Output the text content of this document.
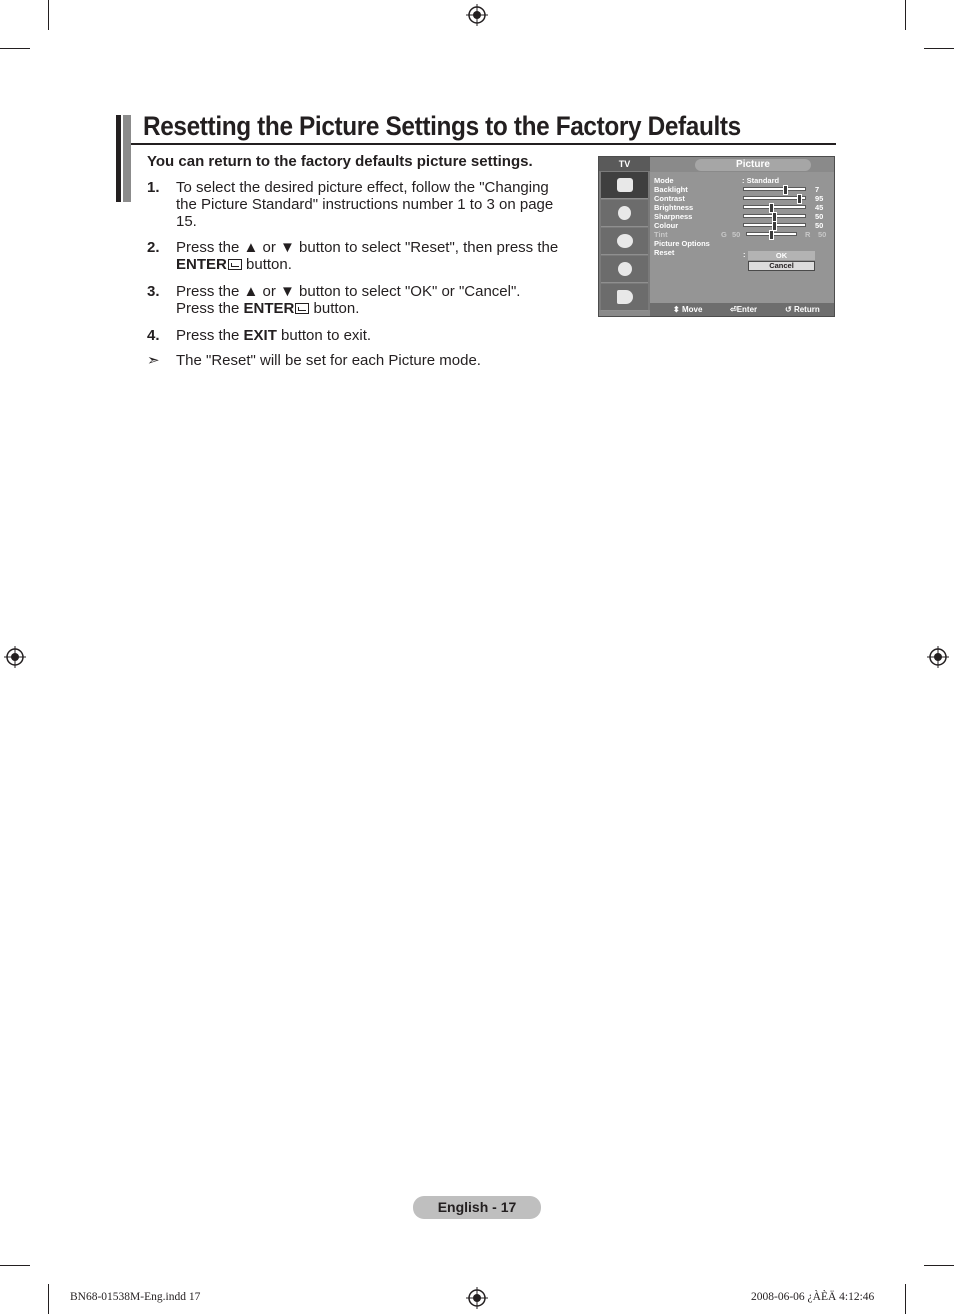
Resetting the Picture Settings to the Factory Defaults
You can return to the factory defaults picture settings.
1. To select the desired picture effect, follow the "Changing the Picture Standard" instructions number 1 to 3 on page 15.
2. Press the ▲ or ▼ button to select "Reset", then press the ENTER button.
3. Press the ▲ or ▼ button to select "OK" or "Cancel". Press the ENTER button.
4. Press the EXIT button to exit.
➣ The "Reset" will be set for each Picture mode.
TV	Picture
Mode	: Standard
Backlight	7
Contrast	95
Brightness	45
Sharpness	50
Colour	50
Tint	G 50	R 50
Picture Options
Reset	:	OK
Cancel
⬍ Move	⏎Enter	↺ Return
English - 17
BN68-01538M-Eng.indd 17	2008-06-06 ¿ÀÈÄ 4:12:46
